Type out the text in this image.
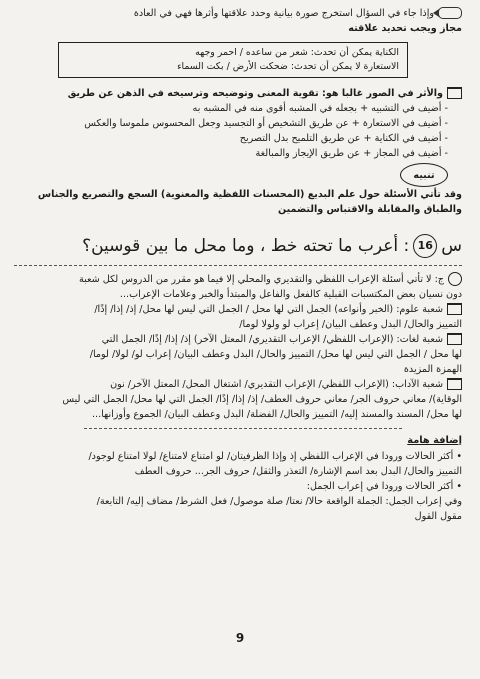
وإذا جاء في السؤال استخرج صورة بيانية وحدد علاقتها وأثرها فهي في العادة
مجاز ويجب تحديد علاقته
الكناية يمكن أن تحدث: شعر من ساعده / احمر وجهه
الاستعارة لا يمكن أن تحدث: ضحكت الأرض / بكت السماء
والأثر في الصور غالبا هو: تقوية المعنى وتوضيحه وترسيخه في الذهن عن طريق
- أضيف في التشبيه + بجعله في المشبه أقوى منه في المشبه به
- أضيف في الاستعارة + عن طريق التشخيص أو التجسيد وجعل المحسوس ملموسا والعكس
- أضيف في الكناية + عن طريق التلميح بدل التصريح
- أضيف في المجاز + عن طريق الإيجاز والمبالغة
تنبيه
وقد تأتي الأسئلة حول علم البديع (المحسنات اللفظية والمعنوية) السجع والتصريع والجناس
والطباق والمقابلة والاقتباس والتضمين
س
16
: أعرب ما تحته خط ، وما محل ما بين قوسين؟
ج: لا تأتي أسئلة الإعراب اللفظي والتقديري والمحلي إلا فيما هو مقرر من الدروس لكل شعبة
دون نسيان بعض المكتسبات القبلية كالفعل والفاعل والمبتدأ والخبر وعلامات الإعراب...
شعبة علوم: (الخبر وأنواعه) الجمل التي لها محل / الجمل التي ليس لها محل/ إذ/ إذا/ إذًا/
التمييز والحال/ البدل وعطف البيان/ إعراب لو ولولا لوما/
شعبة لغات: (الإعراب اللفظي/ الإعراب التقديري/ المعتل الآخر) إذ/ إذا/ إذًا/ الجمل التي
لها محل / الجمل التي ليس لها محل/ التمييز والحال/ البدل وعطف البيان/ إعراب لو/ لولا/ لوما/
الهمزة المزيدة
شعبة الآداب: (الإعراب اللفظي/ الإعراب التقديري/ اشتغال المحل/ المعتل الآخر/ نون
الوقاية)/ معاني حروف الجر/ معاني حروف العطف/ إذ/ إذا/ إذًا/ الجمل التي لها محل/ الجمل التي ليس
لها محل/ المسند والمسند إليه/ التمييز والحال/ الفضلة/ البدل وعطف البيان/ الجموع وأوزانها...
إضافة هامة
• أكثر الحالات ورودا في الإعراب اللفظي إذ وإذا الظرفيتان/ لو امتناع لامتناع/ لولا امتناع لوجود/
التمييز والحال/ البدل بعد اسم الإشارة/ التعذر والثقل/ حروف الجر... حروف العطف
• أكثر الحالات ورودا في إعراب الجمل:
وفي إعراب الجمل: الجملة الواقعة حالا/ نعتا/ صلة موصول/ فعل الشرط/ مضاف إليه/ التابعة/
مقول القول
9
